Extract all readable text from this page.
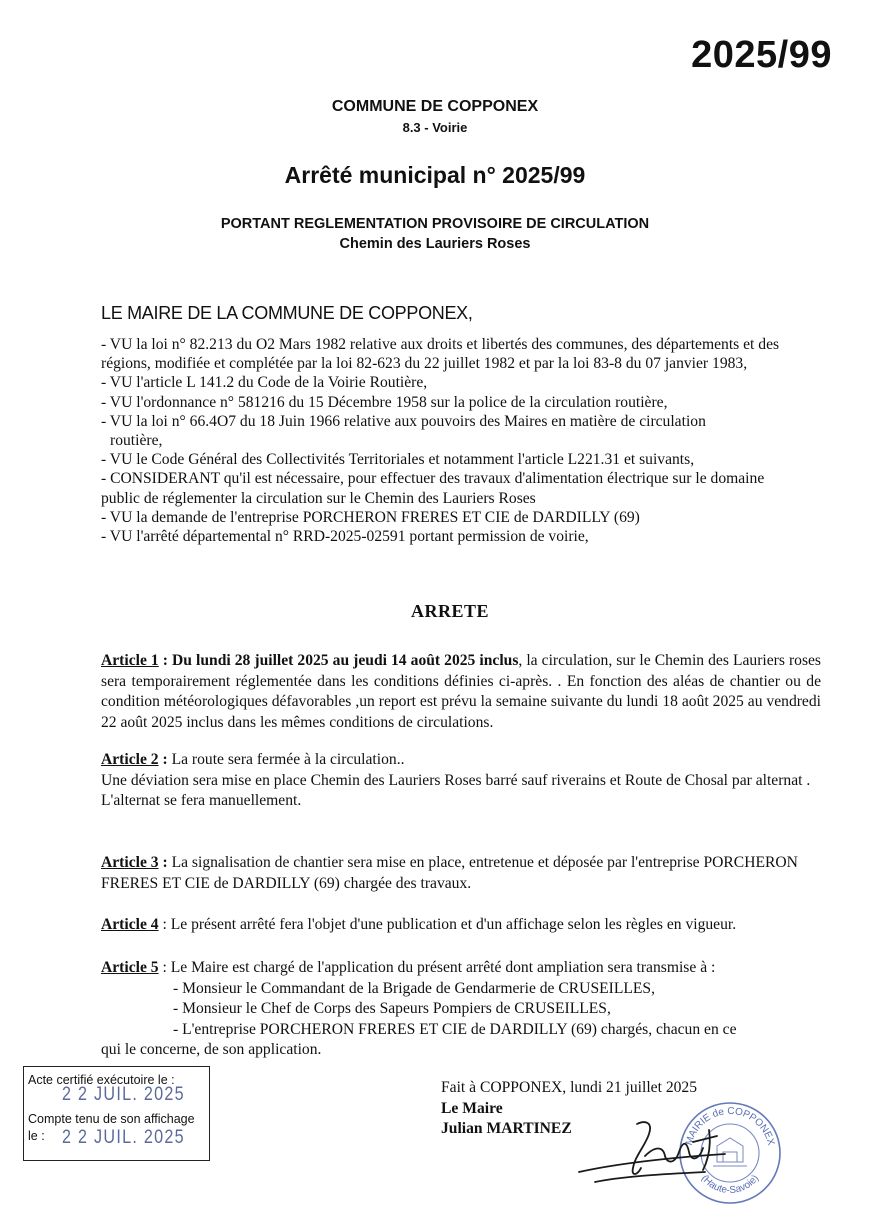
2025/99
COMMUNE DE COPPONEX
8.3 - Voirie
Arrêté municipal n° 2025/99
PORTANT REGLEMENTATION PROVISOIRE DE CIRCULATION
Chemin des Lauriers Roses
LE MAIRE DE LA COMMUNE DE COPPONEX,

- VU la loi n° 82.213 du O2 Mars 1982 relative aux droits et libertés des communes, des départements et des régions, modifiée et complétée par la loi 82-623 du 22 juillet 1982 et par la loi 83-8 du 07 janvier 1983,

- VU l'article L 141.2 du Code de la Voirie Routière,

- VU l'ordonnance n° 581216 du 15 Décembre 1958 sur la police de la circulation routière,

- VU la loi n° 66.4O7 du 18 Juin 1966 relative aux pouvoirs des Maires en matière de circulation

routière,

- VU le Code Général des Collectivités Territoriales et notamment l'article L221.31 et suivants,

- CONSIDERANT qu'il est nécessaire, pour effectuer des travaux d'alimentation électrique sur le domaine public de réglementer la circulation sur le Chemin des Lauriers Roses

- VU la demande de l'entreprise PORCHERON FRERES ET CIE de DARDILLY (69)

- VU l'arrêté départemental n° RRD-2025-02591 portant permission de voirie,

ARRETE

Article 1 : Du lundi 28 juillet 2025 au jeudi 14 août 2025 inclus, la circulation, sur le Chemin des Lauriers roses sera temporairement réglementée dans les conditions définies ci-après. . En fonction des aléas de chantier ou de condition météorologiques défavorables ,un report est prévu la semaine suivante du lundi 18 août 2025 au vendredi 22 août 2025 inclus dans les mêmes conditions de circulations.

Article 2 : La route sera fermée à la circulation..

Une déviation sera mise en place Chemin des Lauriers Roses barré sauf riverains et Route de Chosal par alternat .

L'alternat se fera manuellement.

Article 3 : La signalisation de chantier sera mise en place, entretenue et déposée par l'entreprise PORCHERON FRERES ET CIE de DARDILLY (69) chargée des travaux.

Article 4 : Le présent arrêté fera l'objet d'une publication et d'un affichage selon les règles en vigueur.

Article 5 : Le Maire est chargé de l'application du présent arrêté dont ampliation sera transmise à :

- Monsieur le Commandant de la Brigade de Gendarmerie de CRUSEILLES,

- Monsieur le Chef de Corps des Sapeurs Pompiers de CRUSEILLES,

- L'entreprise PORCHERON FRERES ET CIE de DARDILLY (69) chargés, chacun en ce

qui le concerne, de son application.

Acte certifié exécutoire le :
2 2 JUIL. 2025
Compte tenu de son affichage
le : 2 2 JUIL. 2025

Fait à COPPONEX, lundi 21 juillet 2025

Le Maire

Julian MARTINEZ

MAIRIE de COPPONEX
(Haute-Savoie)
